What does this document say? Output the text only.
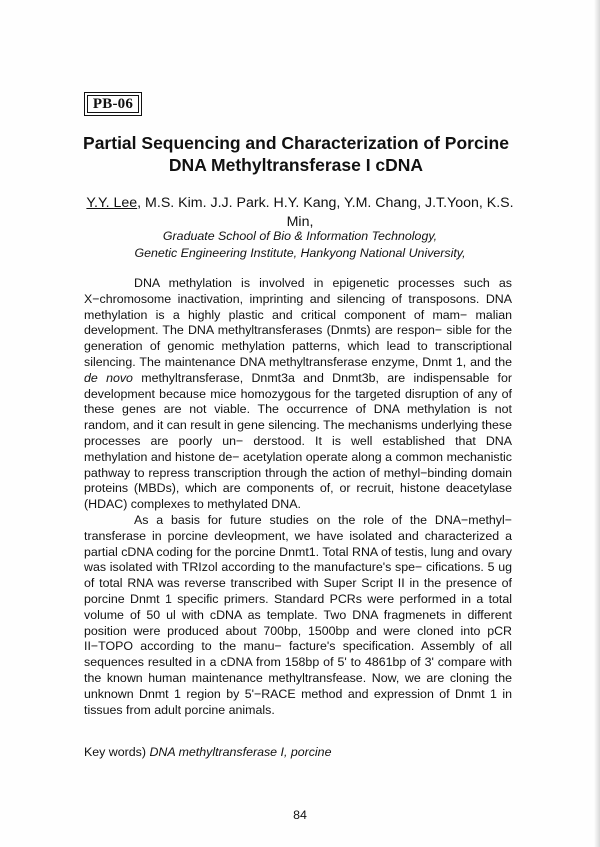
PB-06
Partial Sequencing and Characterization of Porcine
DNA Methyltransferase I cDNA
Y.Y. Lee, M.S. Kim. J.J. Park. H.Y. Kang, Y.M. Chang, J.T.Yoon, K.S. Min,
Graduate School of Bio & Information Technology,
Genetic Engineering Institute, Hankyong National University,

DNA methylation is involved in epigenetic processes such as X−chromosome inactivation, imprinting and silencing of transposons. DNA methylation is a highly plastic and critical component of mam− malian development. The DNA methyltransferases (Dnmts) are respon− sible for the generation of genomic methylation patterns, which lead to transcriptional silencing. The maintenance DNA methyltransferase enzyme, Dnmt 1, and the de novo methyltransferase, Dnmt3a and Dnmt3b, are indispensable for development because mice homozygous for the targeted disruption of any of these genes are not viable. The occurrence of DNA methylation is not random, and it can result in gene silencing. The mechanisms underlying these processes are poorly un− derstood. It is well established that DNA methylation and histone de− acetylation operate along a common mechanistic pathway to repress transcription through the action of methyl−binding domain proteins (MBDs), which are components of, or recruit, histone deacetylase (HDAC) complexes to methylated DNA.

As a basis for future studies on the role of the DNA−methyl− transferase in porcine devleopment, we have isolated and characterized a partial cDNA coding for the porcine Dnmt1. Total RNA of testis, lung and ovary was isolated with TRIzol according to the manufacture's spe− cifications. 5 ug of total RNA was reverse transcribed with Super Script II in the presence of porcine Dnmt 1 specific primers. Standard PCRs were performed in a total volume of 50 ul with cDNA as template. Two DNA fragmenets in different position were produced about 700bp, 1500bp and were cloned into pCR II−TOPO according to the manu− facture's specification. Assembly of all sequences resulted in a cDNA from 158bp of 5' to 4861bp of 3' compare with the known human maintenance methyltransfease. Now, we are cloning the unknown Dnmt 1 region by 5'−RACE method and expression of Dnmt 1 in tissues from adult porcine animals.

Key words) DNA methyltransferase I, porcine
84
